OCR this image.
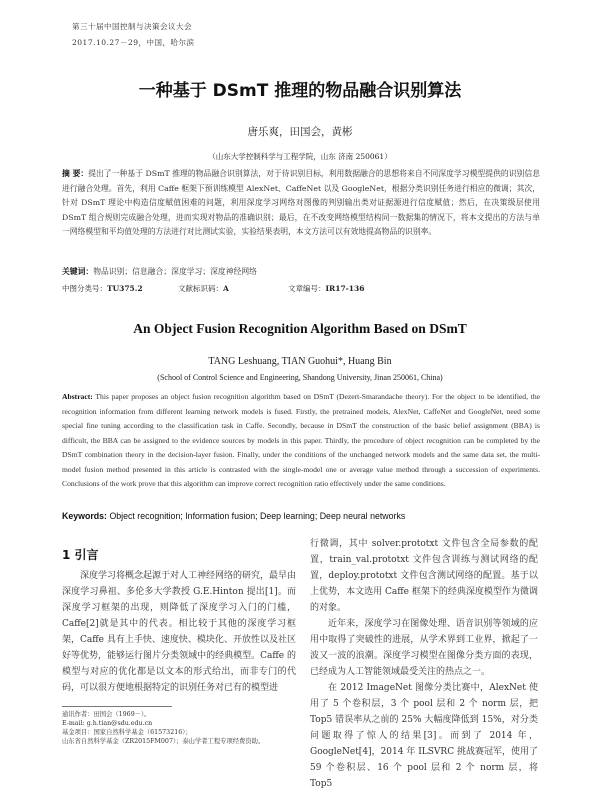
第三十届中国控制与决策会议大会
2017.10.27－29，中国，哈尔滨
一种基于 DSmT 推理的物品融合识别算法
唐乐爽，田国会，黄彬
（山东大学控制科学与工程学院，山东 济南 250061）
摘 要：提出了一种基于 DSmT 推理的物品融合识别算法，对于待识别目标，利用数据融合的思想将来自不同深度学习模型提供的识别信息进行融合处理。首先，利用 Caffe 框架下预训练模型 AlexNet、CaffeNet 以及 GoogleNet，根据分类识别任务进行相应的微调；其次，针对 DSmT 理论中构造信度赋值困难的问题，利用深度学习网络对图像的判别输出类对证据源进行信度赋值；然后，在决策级层使用 DSmT 组合规则完成融合处理，进而实现对物品的准确识别；最后，在不改变网络模型结构同一数据集的情况下，将本文提出的方法与单一网络模型和平均值处理的方法进行对比测试实验，实验结果表明，本文方法可以有效地提高物品的识别率。
关键词：物品识别；信息融合；深度学习；深度神经网络
中图分类号：TU375.2	文献标识码：A	文章编号：IR17-136
An Object Fusion Recognition Algorithm Based on DSmT
TANG Leshuang, TIAN Guohui*, Huang Bin
(School of Control Science and Engineering, Shandong University, Jinan 250061, China)
Abstract: This paper proposes an object fusion recognition algorithm based on DSmT (Dezert-Smarandache theory). For the object to be identified, the recognition information from different learning network models is fused. Firstly, the pretrained models, AlexNet, CaffeNet and GoogleNet, need some special fine tuning according to the classification task in Caffe. Secondly, because in DSmT the construction of the basic belief assignment (BBA) is difficult, the BBA can be assigned to the evidence sources by models in this paper. Thirdly, the procedure of object recognition can be completed by the DSmT combination theory in the decision-layer fusion. Finally, under the conditions of the unchanged network models and the same data set, the multi-model fusion method presented in this article is contrasted with the single-model one or average value method through a succession of experiments. Conclusions of the work prove that this algorithm can improve correct recognition ratio effectively under the same conditions.
Keywords: Object recognition; Information fusion; Deep learning; Deep neural networks
1 引言
深度学习将概念起源于对人工神经网络的研究，最早由深度学习鼻祖、多伦多大学教授 G.E.Hinton 提出[1]。而深度学习框架的出现，则降低了深度学习入门的门槛，Caffe[2]就是其中的代表。相比较于其他的深度学习框架，Caffe 具有上手快、速度快、模块化、开放性以及社区好等优势，能够运行图片分类领域中的经典模型。Caffe 的模型与对应的优化都是以文本的形式给出，而非专门的代码，可以很方便地根据特定的识别任务对已有的模型进

行微调，其中 solver.prototxt 文件包含全局参数的配置，train_val.prototxt 文件包含训练与测试网络的配置，deploy.prototxt 文件包含测试网络的配置。基于以上优势，本文选用 Caffe 框架下的经典深度模型作为微调的对象。

近年来，深度学习在图像处理、语音识别等领域的应用中取得了突破性的进展，从学术界到工业界，掀起了一波又一波的浪潮。深度学习模型在图像分类方面的表现，已经成为人工智能领域最受关注的热点之一。

在 2012 ImageNet 图像分类比赛中，AlexNet 使用了 5 个卷积层，3 个 pool 层和 2 个 norm 层，把 Top5 错误率从之前的 25% 大幅度降低到 15%，对分类问题取得了惊人的结果[3]。而到了 2014 年，GoogleNet[4]，2014 年 ILSVRC 挑战赛冠军，使用了 59 个卷积层、16 个 pool 层和 2 个 norm 层，将 Top5

通讯作者：田国会（1969－）。
E-mail: g.h.tian@sdu.edu.cn
基金项目：国家自然科学基金（61573216）；
山东省自然科学基金（ZR2015FM007）；泰山学者工程专项经费资助。
